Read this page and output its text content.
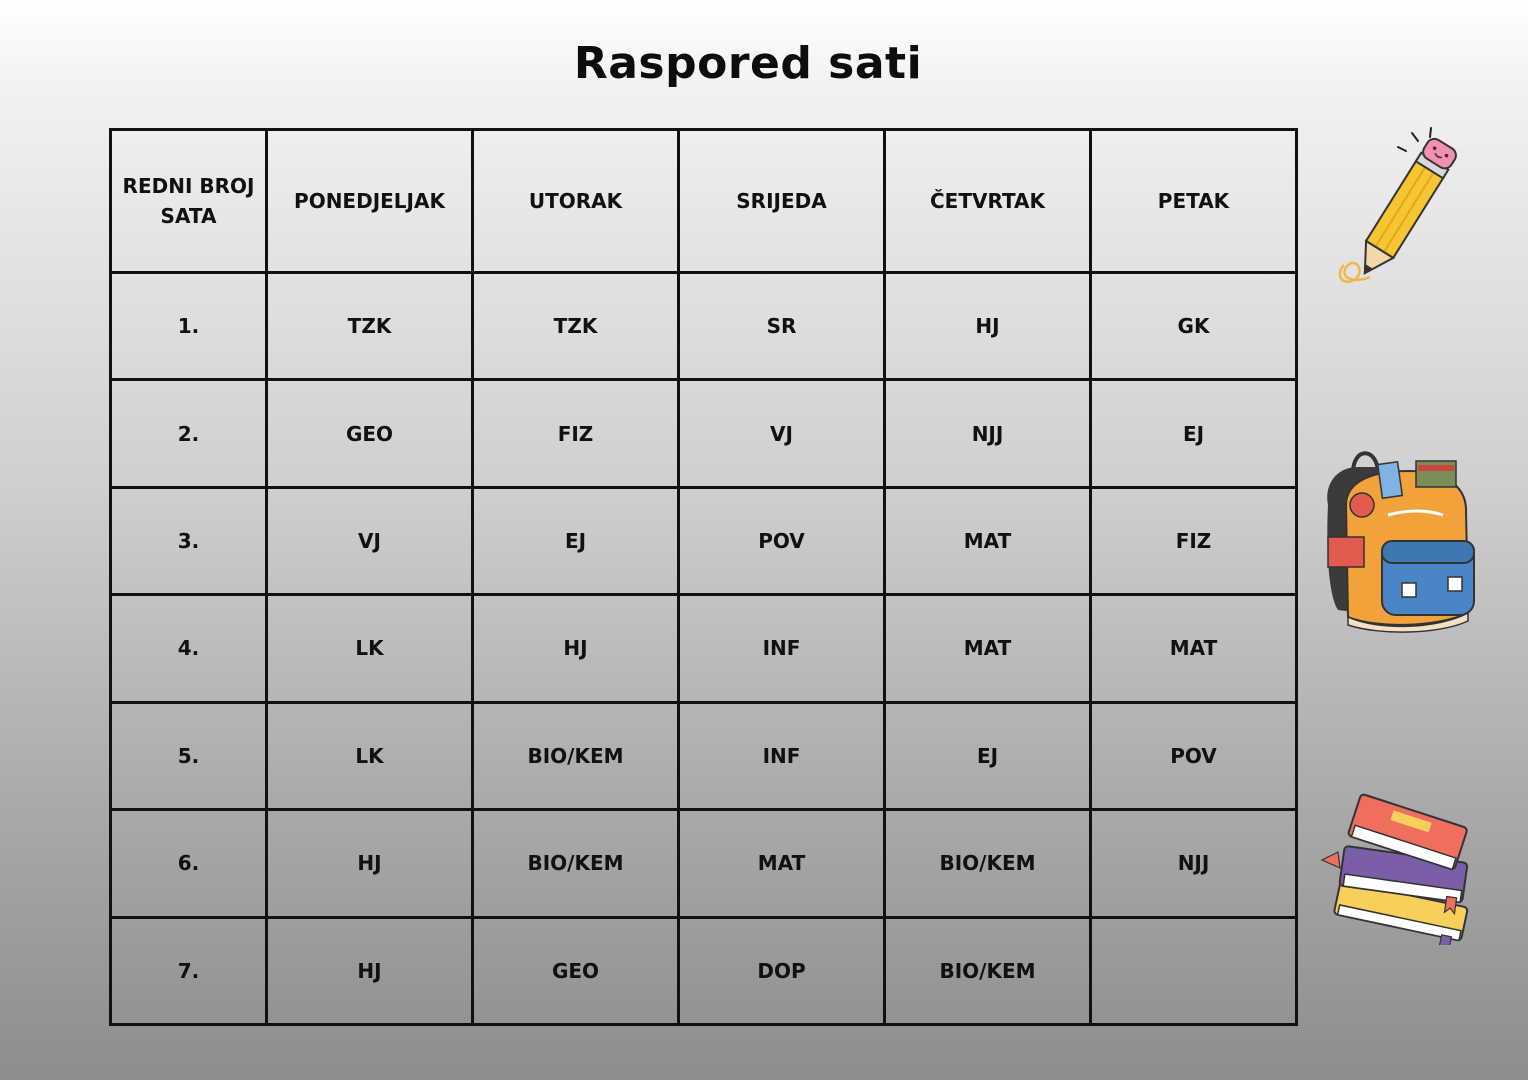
Raspored sati
REDNI BROJ SATA	PONEDJELJAK	UTORAK	SRIJEDA	ČETVRTAK	PETAK
1.	TZK	TZK	SR	HJ	GK
2.	GEO	FIZ	VJ	NJJ	EJ
3.	VJ	EJ	POV	MAT	FIZ
4.	LK	HJ	INF	MAT	MAT
5.	LK	BIO/KEM	INF	EJ	POV
6.	HJ	BIO/KEM	MAT	BIO/KEM	NJJ
7.	HJ	GEO	DOP	BIO/KEM	
